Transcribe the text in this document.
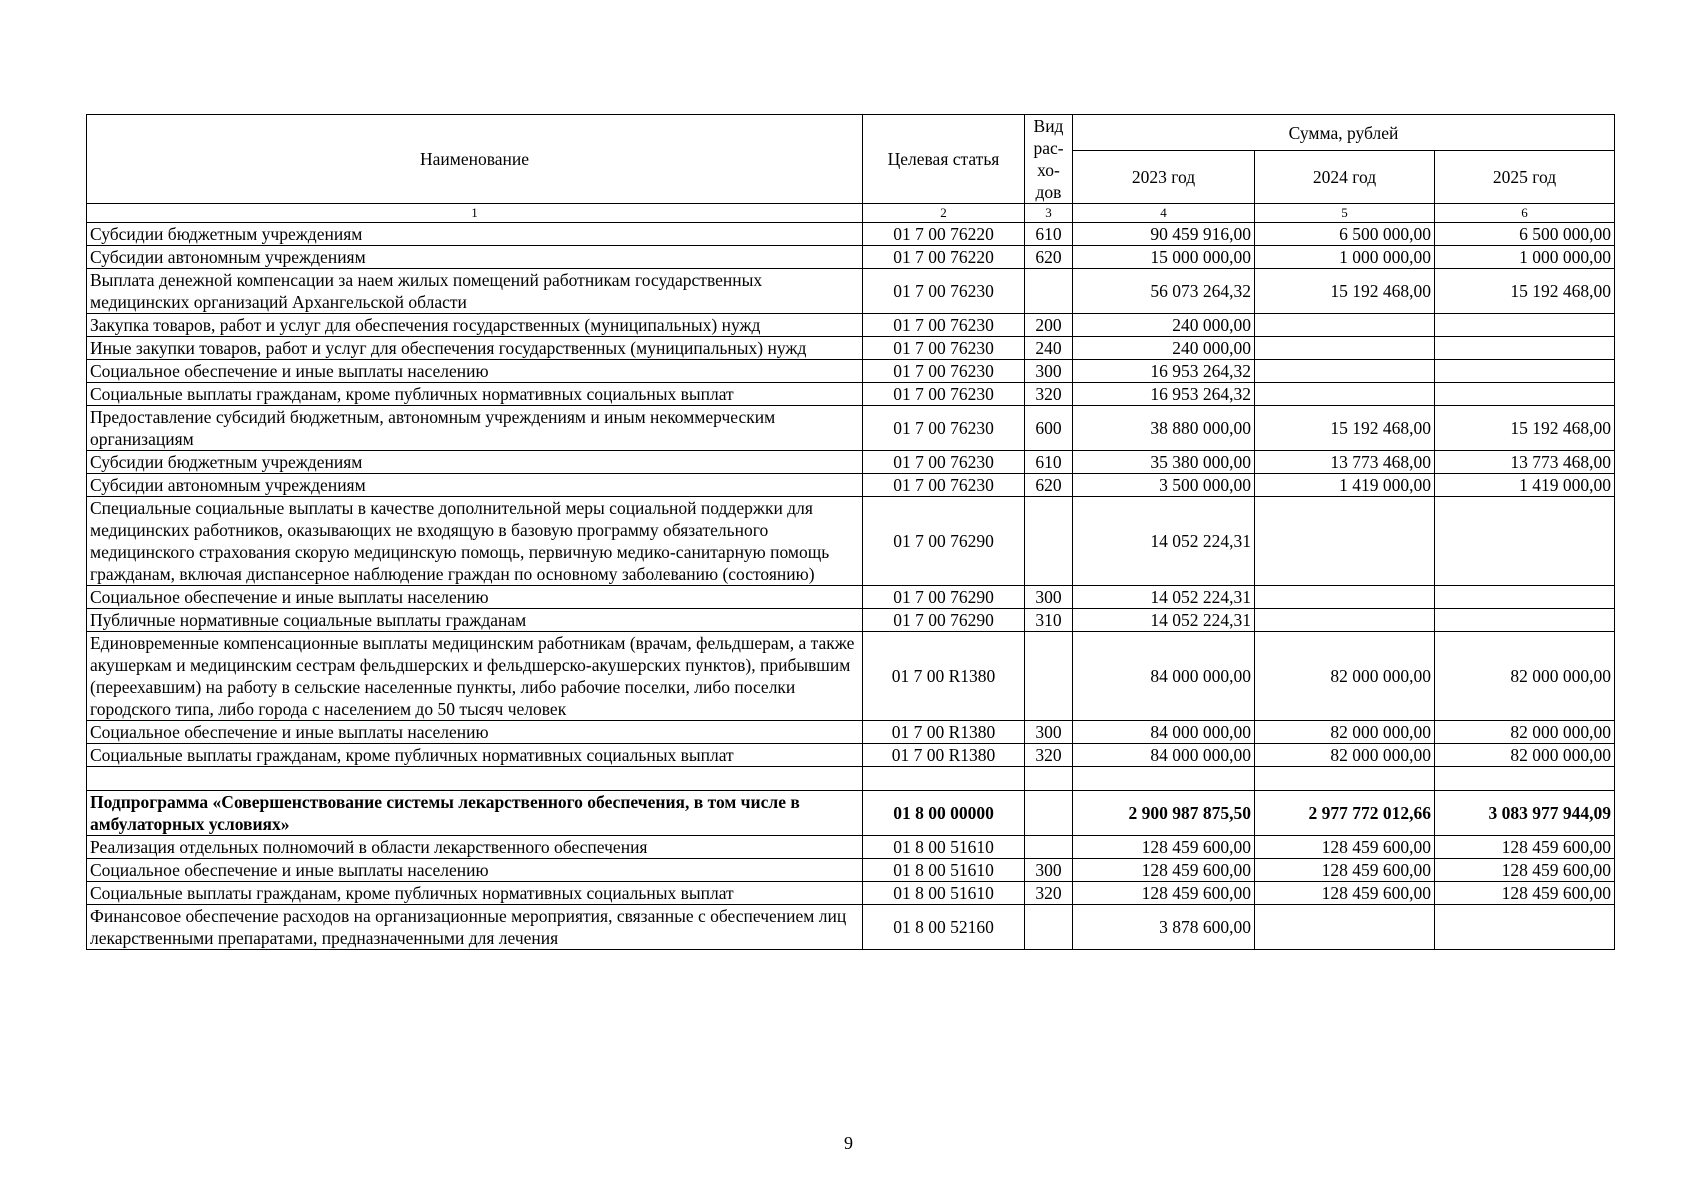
Наименование	Целевая статья	Вид рас- хо- дов	Сумма, рублей		
			2023 год	2024 год	2025 год
1	2	3	4	5	6
Субсидии бюджетным учреждениям	01 7 00 76220	610	90 459 916,00	6 500 000,00	6 500 000,00
Субсидии автономным учреждениям	01 7 00 76220	620	15 000 000,00	1 000 000,00	1 000 000,00
Выплата денежной компенсации за наем жилых помещений работникам государственных медицинских организаций Архангельской области	01 7 00 76230		56 073 264,32	15 192 468,00	15 192 468,00
Закупка товаров, работ и услуг для обеспечения государственных (муниципальных) нужд	01 7 00 76230	200	240 000,00		
Иные закупки товаров, работ и услуг для обеспечения государственных (муниципальных) нужд	01 7 00 76230	240	240 000,00		
Социальное обеспечение и иные выплаты населению	01 7 00 76230	300	16 953 264,32		
Социальные выплаты гражданам, кроме публичных нормативных социальных выплат	01 7 00 76230	320	16 953 264,32		
Предоставление субсидий бюджетным, автономным учреждениям и иным некоммерческим организациям	01 7 00 76230	600	38 880 000,00	15 192 468,00	15 192 468,00
Субсидии бюджетным учреждениям	01 7 00 76230	610	35 380 000,00	13 773 468,00	13 773 468,00
Субсидии автономным учреждениям	01 7 00 76230	620	3 500 000,00	1 419 000,00	1 419 000,00
Специальные социальные выплаты в качестве дополнительной меры социальной поддержки для медицинских работников, оказывающих не входящую в базовую программу обязательного медицинского страхования скорую медицинскую помощь, первичную медико-санитарную помощь гражданам, включая диспансерное наблюдение граждан по основному заболеванию (состоянию)	01 7 00 76290		14 052 224,31		
Социальное обеспечение и иные выплаты населению	01 7 00 76290	300	14 052 224,31		
Публичные нормативные социальные выплаты гражданам	01 7 00 76290	310	14 052 224,31		
Единовременные компенсационные выплаты медицинским работникам (врачам, фельдшерам, а также акушеркам и медицинским сестрам фельдшерских и фельдшерско-акушерских пунктов), прибывшим (переехавшим) на работу в сельские населенные пункты, либо рабочие поселки, либо поселки городского типа, либо города с населением до 50 тысяч человек	01 7 00 R1380		84 000 000,00	82 000 000,00	82 000 000,00
Социальное обеспечение и иные выплаты населению	01 7 00 R1380	300	84 000 000,00	82 000 000,00	82 000 000,00
Социальные выплаты гражданам, кроме публичных нормативных социальных выплат	01 7 00 R1380	320	84 000 000,00	82 000 000,00	82 000 000,00

Подпрограмма «Совершенствование системы лекарственного обеспечения, в том числе в амбулаторных условиях»	01 8 00 00000		2 900 987 875,50	2 977 772 012,66	3 083 977 944,09
Реализация отдельных полномочий в области лекарственного обеспечения	01 8 00 51610		128 459 600,00	128 459 600,00	128 459 600,00
Социальное обеспечение и иные выплаты населению	01 8 00 51610	300	128 459 600,00	128 459 600,00	128 459 600,00
Социальные выплаты гражданам, кроме публичных нормативных социальных выплат	01 8 00 51610	320	128 459 600,00	128 459 600,00	128 459 600,00
Финансовое обеспечение расходов на организационные мероприятия, связанные с обеспечением лиц лекарственными препаратами, предназначенными для лечения	01 8 00 52160		3 878 600,00		
9
